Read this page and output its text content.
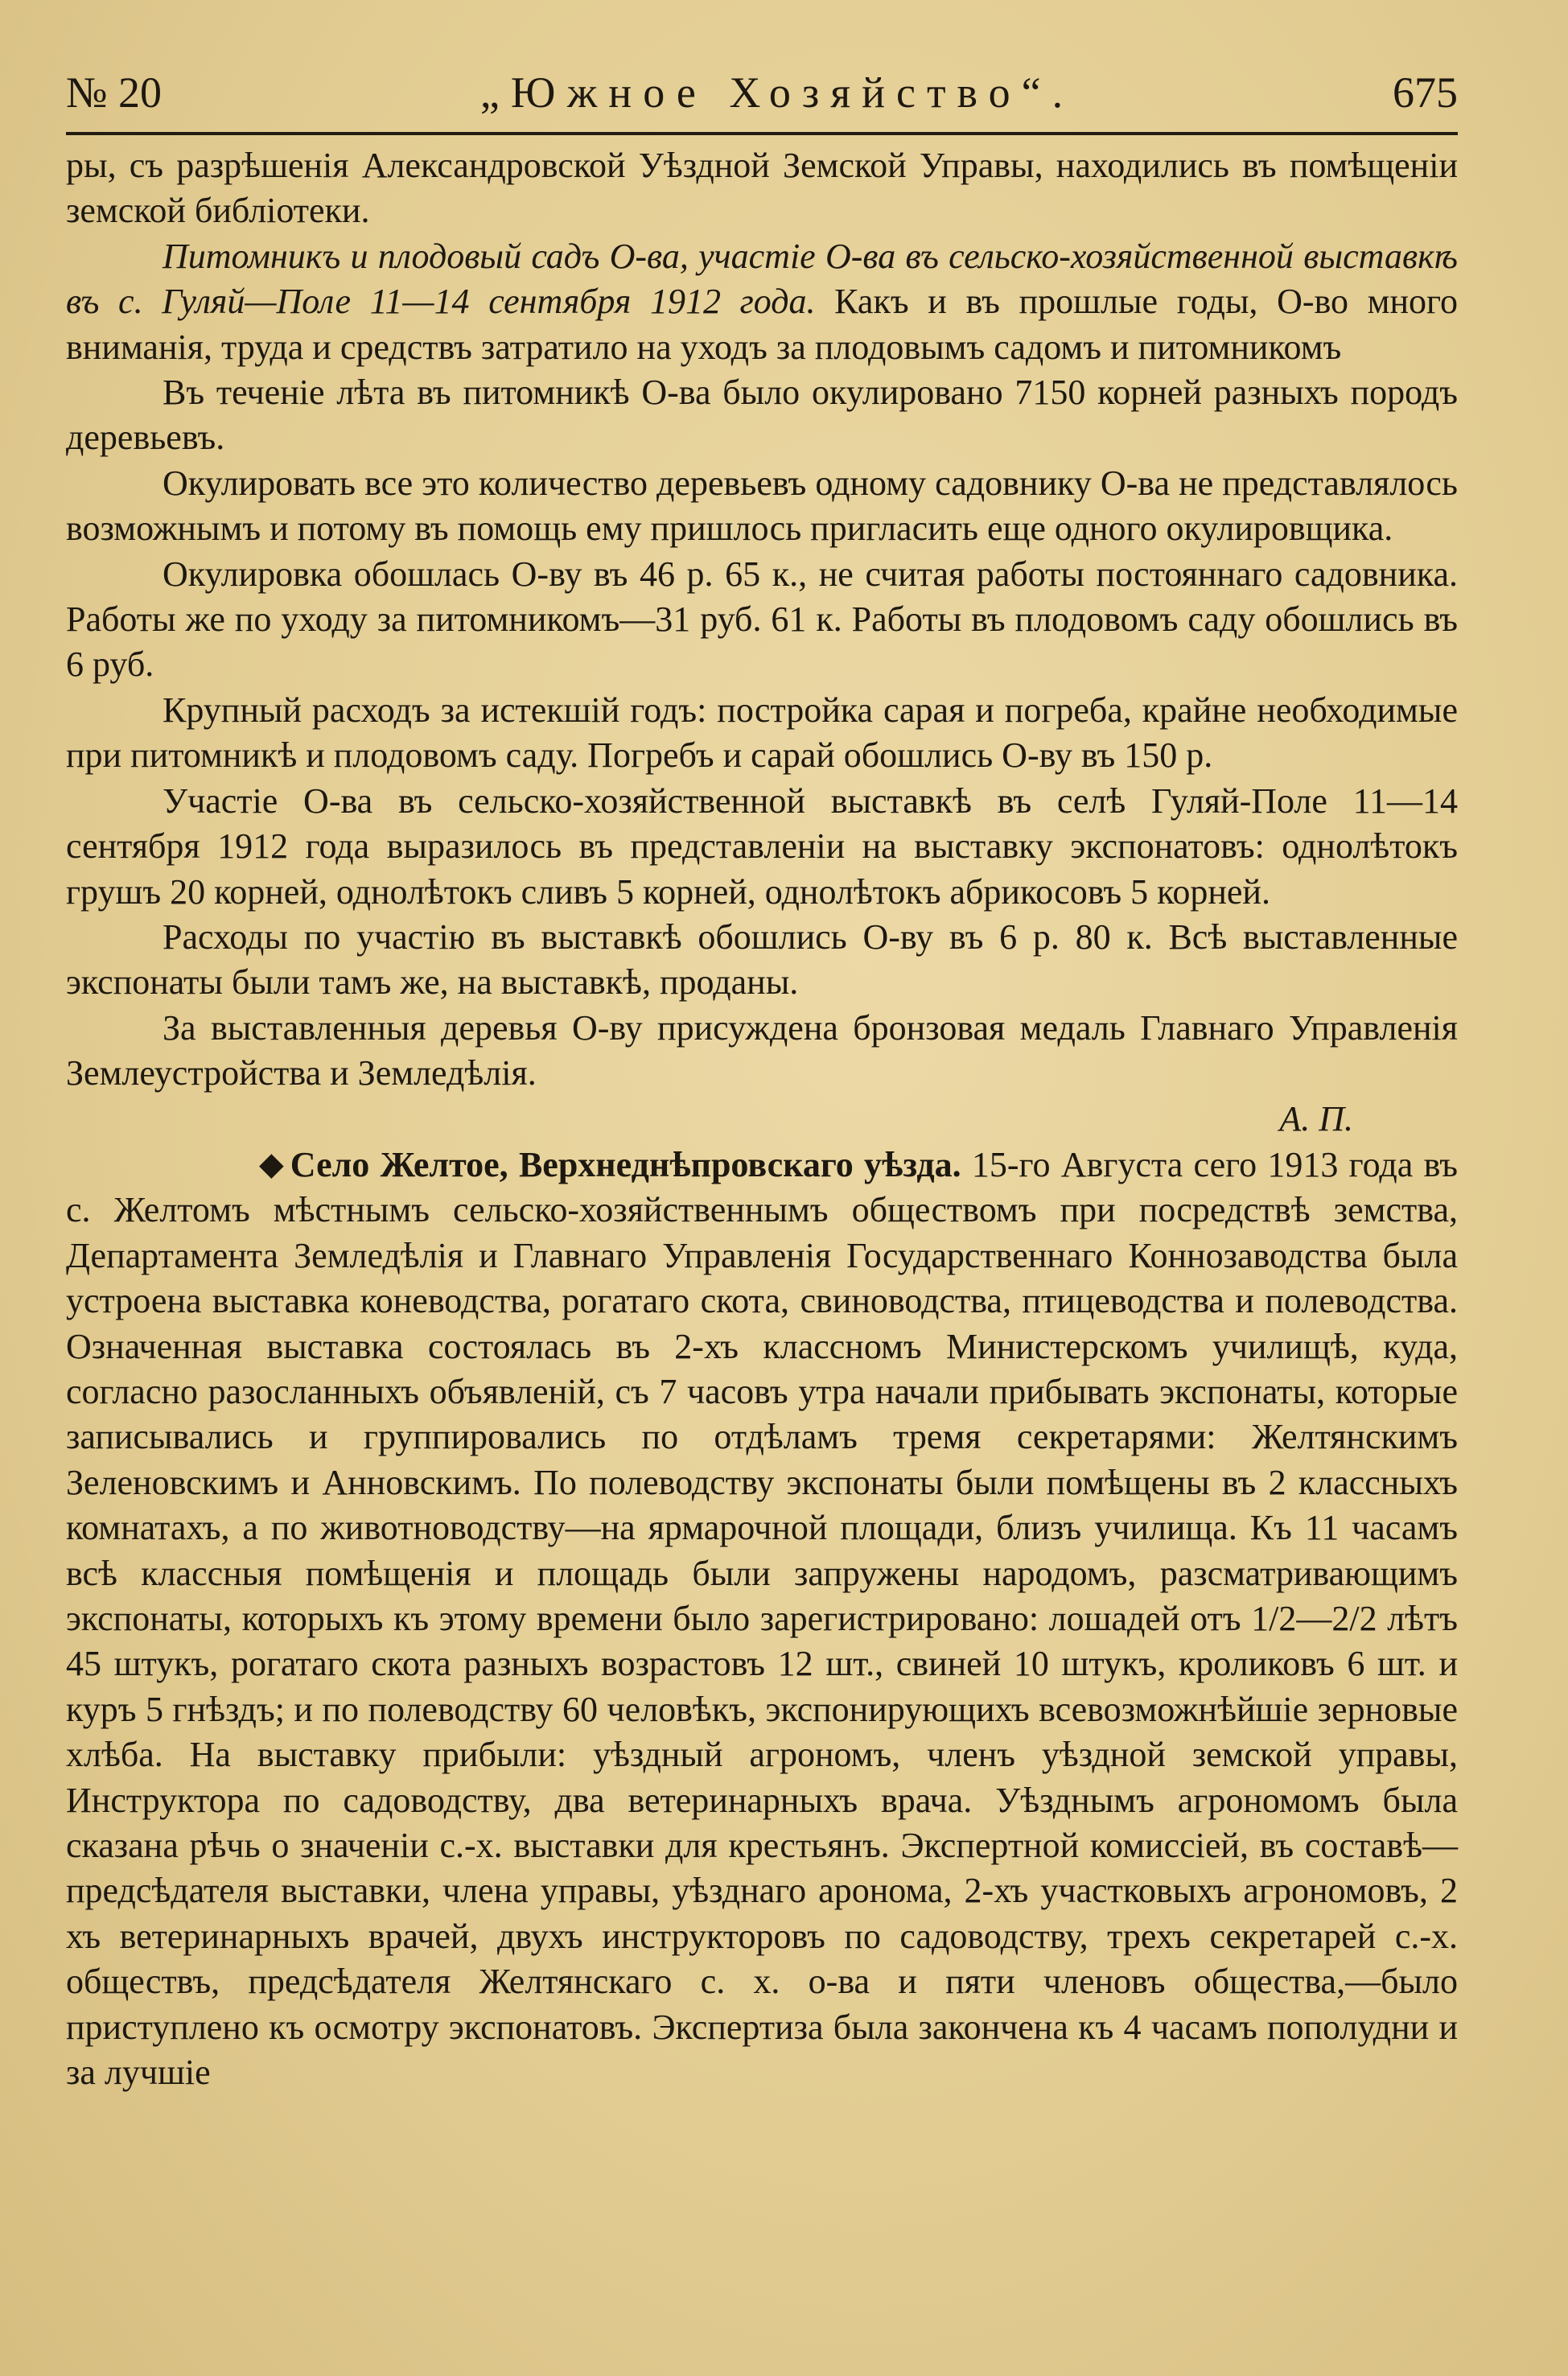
№ 20	„Южное Хозяйство“.	675

ры, съ разрѣшенія Александровской Уѣздной Земской Управы, находились въ помѣщеніи земской библіотеки.

Питомникъ и плодовый садъ О-ва, участіе О-ва въ сельско-хозяйственной выставкѣ въ с. Гуляй—Поле 11—14 сентября 1912 года. Какъ и въ прошлые годы, О-во много вниманія, труда и средствъ затратило на уходъ за плодовымъ садомъ и питомникомъ

Въ теченіе лѣта въ питомникѣ О-ва было окулировано 7150 корней разныхъ породъ деревьевъ.

Окулировать все это количество деревьевъ одному садовнику О-ва не представлялось возможнымъ и потому въ помощь ему пришлось пригласить еще одного окулировщика.

Окулировка обошлась О-ву въ 46 р. 65 к., не считая работы постояннаго садовника. Работы же по уходу за питомникомъ—31 руб. 61 к. Работы въ плодовомъ саду обошлись въ 6 руб.

Крупный расходъ за истекшій годъ: постройка сарая и погреба, крайне необходимые при питомникѣ и плодовомъ саду. Погребъ и сарай обошлись О-ву въ 150 р.

Участіе О-ва въ сельско-хозяйственной выставкѣ въ селѣ Гуляй-Поле 11—14 сентября 1912 года выразилось въ представленіи на выставку экспонатовъ: однолѣтокъ грушъ 20 корней, однолѣтокъ сливъ 5 корней, однолѣтокъ абрикосовъ 5 корней.

Расходы по участію въ выставкѣ обошлись О-ву въ 6 р. 80 к. Всѣ выставленные экспонаты были тамъ же, на выставкѣ, проданы.

За выставленныя деревья О-ву присуждена бронзовая медаль Главнаго Управленія Землеустройства и Земледѣлія.

А. П.

◆ Село Желтое, Верхнеднѣпровскаго уѣзда. 15-го Августа сего 1913 года въ с. Желтомъ мѣстнымъ сельско-хозяйственнымъ обществомъ при посредствѣ земства, Департамента Земледѣлія и Главнаго Управленія Государственнаго Коннозаводства была устроена выставка коневодства, рогатаго скота, свиноводства, птицеводства и полеводства. Означенная выставка состоялась въ 2-хъ классномъ Министерскомъ училищѣ, куда, согласно разосланныхъ объявленій, съ 7 часовъ утра начали прибывать экспонаты, которые записывались и группировались по отдѣламъ тремя секретарями: Желтянскимъ Зеленовскимъ и Анновскимъ. По полеводству экспонаты были помѣщены въ 2 классныхъ комнатахъ, а по животноводству—на ярмарочной площади, близъ училища. Къ 11 часамъ всѣ классныя помѣщенія и площадь были запружены народомъ, разсматривающимъ экспонаты, которыхъ къ этому времени было зарегистрировано: лошадей отъ 1/2—2/2 лѣтъ 45 штукъ, рогатаго скота разныхъ возрастовъ 12 шт., свиней 10 штукъ, кроликовъ 6 шт. и куръ 5 гнѣздъ; и по полеводству 60 человѣкъ, экспонирующихъ всевозможнѣйшіе зерновые хлѣба. На выставку прибыли: уѣздный агрономъ, членъ уѣздной земской управы, Инструктора по садоводству, два ветеринарныхъ врача. Уѣзднымъ агрономомъ была сказана рѣчь о значеніи с.-х. выставки для крестьянъ. Экспертной комиссіей, въ составѣ—предсѣдателя выставки, члена управы, уѣзднаго аронома, 2-хъ участковыхъ агрономовъ, 2 хъ ветеринарныхъ врачей, двухъ инструкторовъ по садоводству, трехъ секретарей с.-х. обществъ, предсѣдателя Желтянскаго с. х. о-ва и пяти членовъ общества,—было приступлено къ осмотру экспонатовъ. Экспертиза была закончена къ 4 часамъ пополудни и за лучшіе
